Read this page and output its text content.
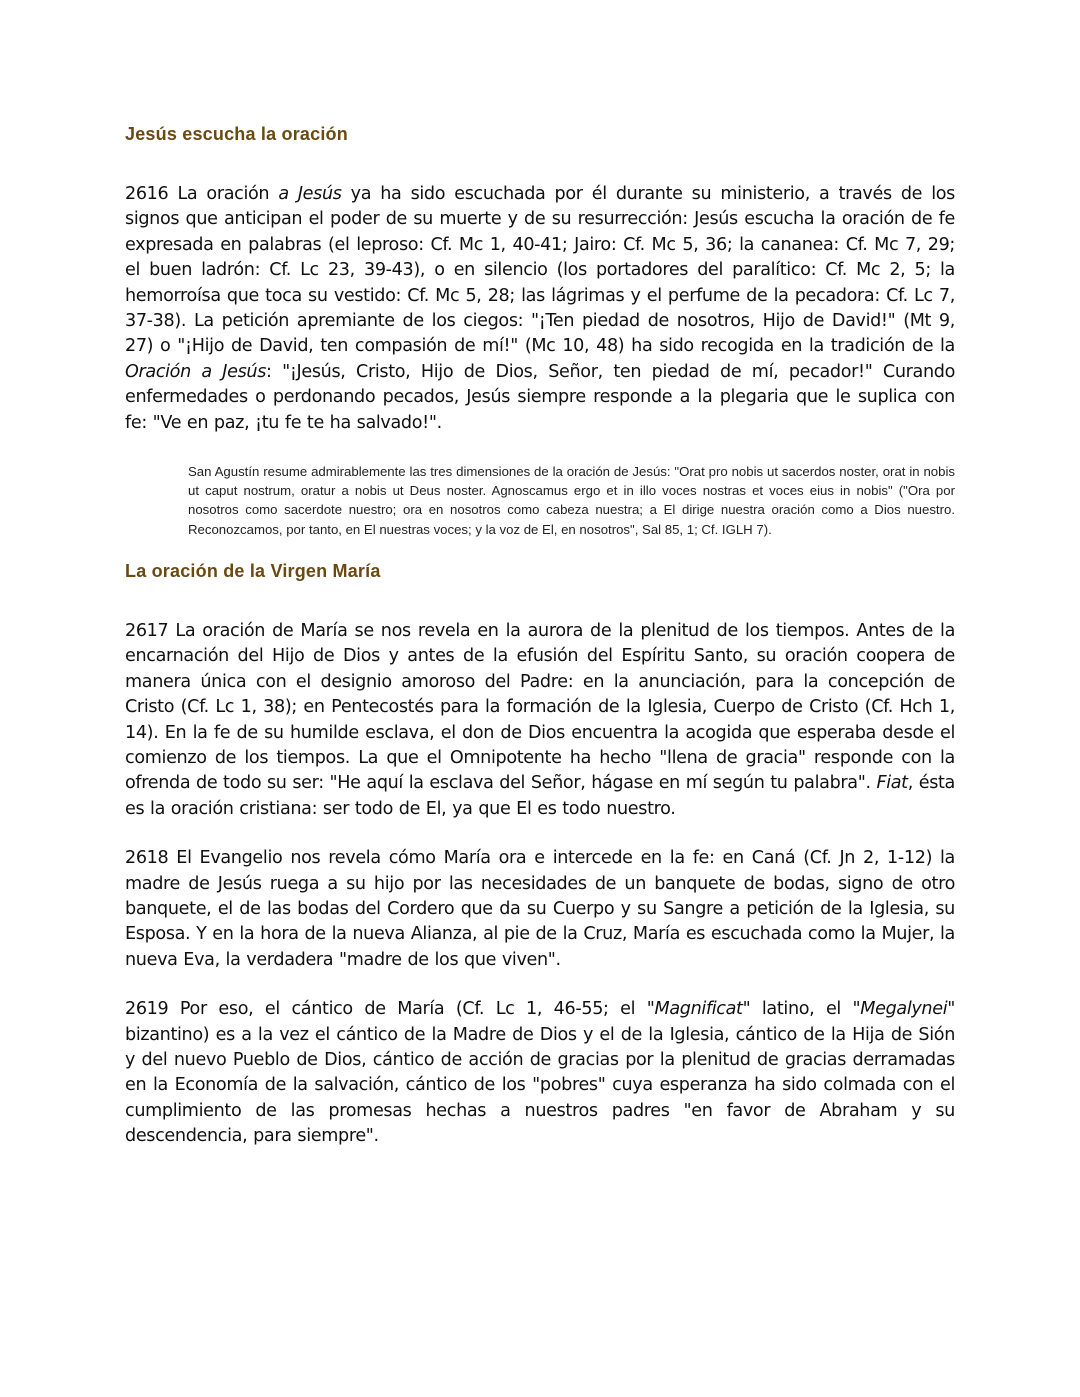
Jesús escucha la oración

2616 La oración a Jesús ya ha sido escuchada por él durante su ministerio, a través de los signos que anticipan el poder de su muerte y de su resurrección: Jesús escucha la oración de fe expresada en palabras (el leproso: Cf. Mc 1, 40-41; Jairo: Cf. Mc 5, 36; la cananea: Cf. Mc 7, 29; el buen ladrón: Cf. Lc 23, 39-43), o en silencio (los portadores del paralítico: Cf. Mc 2, 5; la hemorroísa que toca su vestido: Cf. Mc 5, 28; las lágrimas y el perfume de la pecadora: Cf. Lc 7, 37-38). La petición apremiante de los ciegos: "¡Ten piedad de nosotros, Hijo de David!" (Mt 9, 27) o "¡Hijo de David, ten compasión de mí!" (Mc 10, 48) ha sido recogida en la tradición de la Oración a Jesús: "¡Jesús, Cristo, Hijo de Dios, Señor, ten piedad de mí, pecador!" Curando enfermedades o perdonando pecados, Jesús siempre responde a la plegaria que le suplica con fe: "Ve en paz, ¡tu fe te ha salvado!".

San Agustín resume admirablemente las tres dimensiones de la oración de Jesús: "Orat pro nobis ut sacerdos noster, orat in nobis ut caput nostrum, oratur a nobis ut Deus noster. Agnoscamus ergo et in illo voces nostras et voces eius in nobis" ("Ora por nosotros como sacerdote nuestro; ora en nosotros como cabeza nuestra; a El dirige nuestra oración como a Dios nuestro. Reconozcamos, por tanto, en El nuestras voces; y la voz de El, en nosotros", Sal 85, 1; Cf. IGLH 7).

La oración de la Virgen María

2617 La oración de María se nos revela en la aurora de la plenitud de los tiempos. Antes de la encarnación del Hijo de Dios y antes de la efusión del Espíritu Santo, su oración coopera de manera única con el designio amoroso del Padre: en la anunciación, para la concepción de Cristo (Cf. Lc 1, 38); en Pentecostés para la formación de la Iglesia, Cuerpo de Cristo (Cf. Hch 1, 14). En la fe de su humilde esclava, el don de Dios encuentra la acogida que esperaba desde el comienzo de los tiempos. La que el Omnipotente ha hecho "llena de gracia" responde con la ofrenda de todo su ser: "He aquí la esclava del Señor, hágase en mí según tu palabra". Fiat, ésta es la oración cristiana: ser todo de El, ya que El es todo nuestro.

2618 El Evangelio nos revela cómo María ora e intercede en la fe: en Caná (Cf. Jn 2, 1-12) la madre de Jesús ruega a su hijo por las necesidades de un banquete de bodas, signo de otro banquete, el de las bodas del Cordero que da su Cuerpo y su Sangre a petición de la Iglesia, su Esposa. Y en la hora de la nueva Alianza, al pie de la Cruz, María es escuchada como la Mujer, la nueva Eva, la verdadera "madre de los que viven".

2619 Por eso, el cántico de María (Cf. Lc 1, 46-55; el "Magnificat" latino, el "Megalynei" bizantino) es a la vez el cántico de la Madre de Dios y el de la Iglesia, cántico de la Hija de Sión y del nuevo Pueblo de Dios, cántico de acción de gracias por la plenitud de gracias derramadas en la Economía de la salvación, cántico de los "pobres" cuya esperanza ha sido colmada con el cumplimiento de las promesas hechas a nuestros padres "en favor de Abraham y su descendencia, para siempre".
